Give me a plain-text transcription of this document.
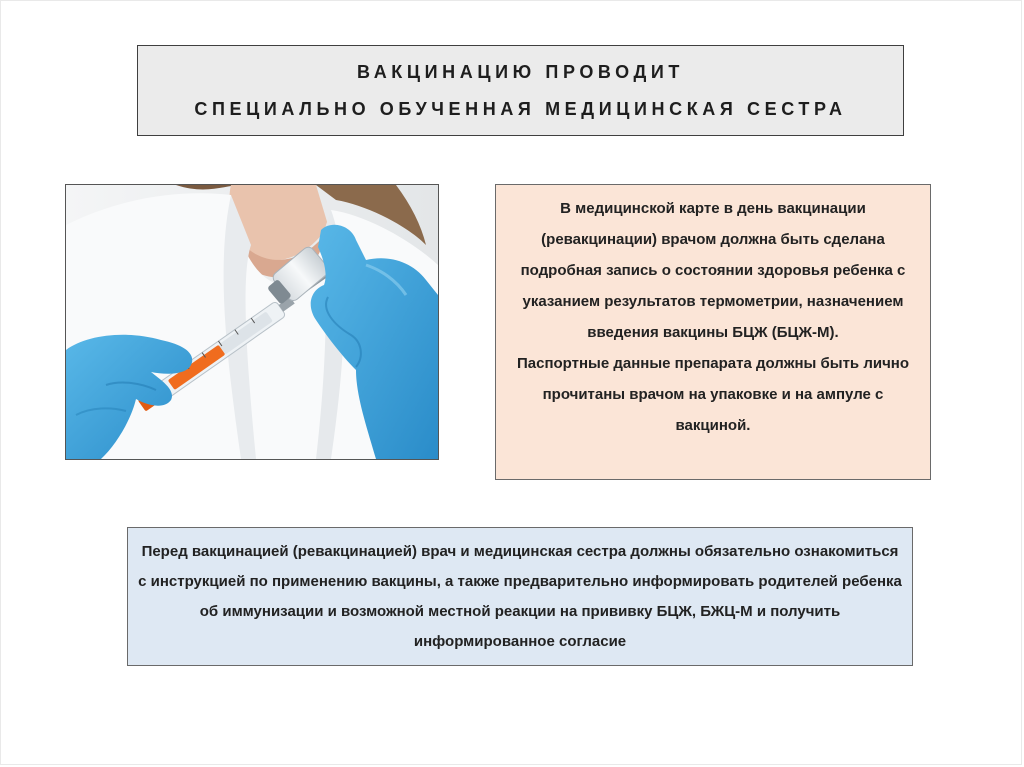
ВАКЦИНАЦИЮ ПРОВОДИТ
СПЕЦИАЛЬНО ОБУЧЕННАЯ МЕДИЦИНСКАЯ СЕСТРА

В медицинской карте в день вакцинации (ревакцинации) врачом должна быть сделана подробная запись о состоянии здоровья ребенка с указанием результатов термометрии, назначением введения вакцины БЦЖ (БЦЖ-М).

Паспортные данные препарата должны быть лично прочитаны врачом на упаковке и на ампуле с вакциной.

Перед вакцинацией (ревакцинацией) врач и медицинская сестра должны обязательно ознакомиться с инструкцией по применению вакцины, а также предварительно информировать родителей ребенка об иммунизации и возможной местной реакции на прививку БЦЖ, БЖЦ-М и получить информированное согласие
